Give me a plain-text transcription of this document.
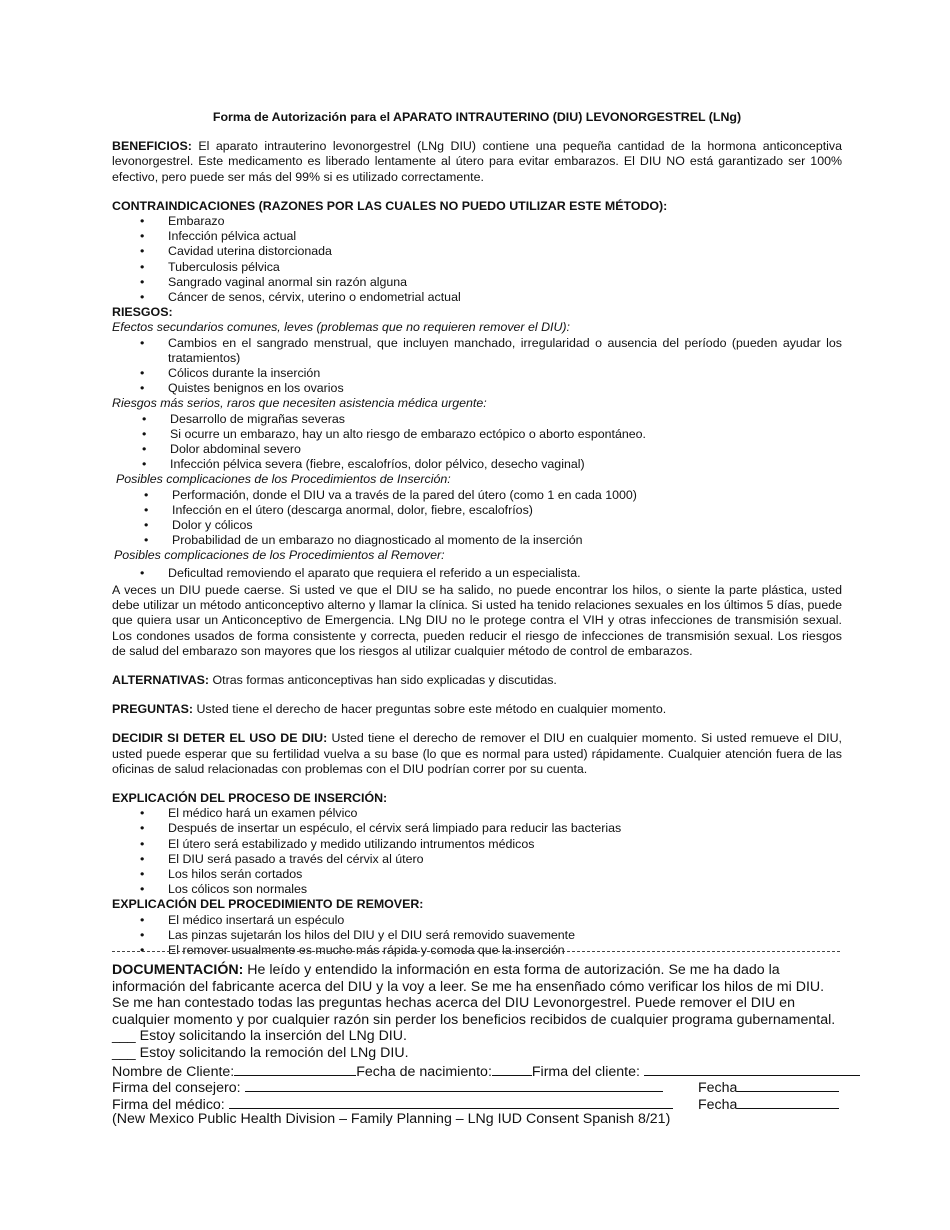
Forma de Autorización para el APARATO INTRAUTERINO (DIU) LEVONORGESTREL (LNg)

BENEFICIOS: El aparato intrauterino levonorgestrel (LNg DIU) contiene una pequeña cantidad de la hormona anticonceptiva levonorgestrel. Este medicamento es liberado lentamente al útero para evitar embarazos. El DIU NO está garantizado ser 100% efectivo, pero puede ser más del 99% si es utilizado correctamente.

CONTRAINDICACIONES (RAZONES POR LAS CUALES NO PUEDO UTILIZAR ESTE MÉTODO):

• Embarazo
• Infección pélvica actual
• Cavidad uterina distorcionada
• Tuberculosis pélvica
• Sangrado vaginal anormal sin razón alguna
• Cáncer de senos, cérvix, uterino o endometrial actual

RIESGOS:

Efectos secundarios comunes, leves (problemas que no requieren remover el DIU):

• Cambios en el sangrado menstrual, que incluyen manchado, irregularidad o ausencia del período (pueden ayudar los tratamientos)
• Cólicos durante la inserción
• Quistes benignos en los ovarios

Riesgos más serios, raros que necesiten asistencia médica urgente:

• Desarrollo de migrañas severas
• Si ocurre un embarazo, hay un alto riesgo de embarazo ectópico o aborto espontáneo.
• Dolor abdominal severo
• Infección pélvica severa (fiebre, escalofríos, dolor pélvico, desecho vaginal)

Posibles complicaciones de los Procedimientos de Inserción:

• Performación, donde el DIU va a través de la pared del útero (como 1 en cada 1000)
• Infección en el útero (descarga anormal, dolor, fiebre, escalofríos)
• Dolor y cólicos
• Probabilidad de un embarazo no diagnosticado al momento de la inserción

Posibles complicaciones de los Procedimientos al Remover:

• Deficultad removiendo el aparato que requiera el referido a un especialista.

A veces un DIU puede caerse. Si usted ve que el DIU se ha salido, no puede encontrar los hilos, o siente la parte plástica, usted debe utilizar un método anticonceptivo alterno y llamar la clínica. Si usted ha tenido relaciones sexuales en los últimos 5 días, puede que quiera usar un Anticonceptivo de Emergencia. LNg DIU no le protege contra el VIH y otras infecciones de transmisión sexual. Los condones usados de forma consistente y correcta, pueden reducir el riesgo de infecciones de transmisión sexual. Los riesgos de salud del embarazo son mayores que los riesgos al utilizar cualquier método de control de embarazos.

ALTERNATIVAS: Otras formas anticonceptivas han sido explicadas y discutidas.

PREGUNTAS: Usted tiene el derecho de hacer preguntas sobre este método en cualquier momento.

DECIDIR SI DETER EL USO DE DIU: Usted tiene el derecho de remover el DIU en cualquier momento. Si usted remueve el DIU, usted puede esperar que su fertilidad vuelva a su base (lo que es normal para usted) rápidamente. Cualquier atención fuera de las oficinas de salud relacionadas con problemas con el DIU podrían correr por su cuenta.

EXPLICACIÓN DEL PROCESO DE INSERCIÓN:

• El médico hará un examen pélvico
• Después de insertar un espéculo, el cérvix será limpiado para reducir las bacterias
• El útero será estabilizado y medido utilizando intrumentos médicos
• El DIU será pasado a través del cérvix al útero
• Los hilos serán cortados
• Los cólicos son normales

EXPLICACIÓN DEL PROCEDIMIENTO DE REMOVER:

• El médico insertará un espéculo
• Las pinzas sujetarán los hilos del DIU y el DIU será removido suavemente
• El remover usualmente es mucho más rápida y comoda que la inserción

DOCUMENTACIÓN: He leído y entendido la información en esta forma de autorización. Se me ha dado la información del fabricante acerca del DIU y la voy a leer. Se me ha ensenñado cómo verificar los hilos de mi DIU. Se me han contestado todas las preguntas hechas acerca del DIU Levonorgestrel. Puede remover el DIU en cualquier momento y por cualquier razón sin perder los beneficios recibidos de cualquier programa gubernamental.

___ Estoy solicitando la inserción del LNg DIU.
___ Estoy solicitando la remoción del LNg DIU.
Nombre de Cliente:	Fecha de nacimiento:	Firma del cliente:
Firma del consejero:	Fecha
Firma del médico:	Fecha
(New Mexico Public Health Division – Family Planning – LNg IUD Consent Spanish 8/21)
